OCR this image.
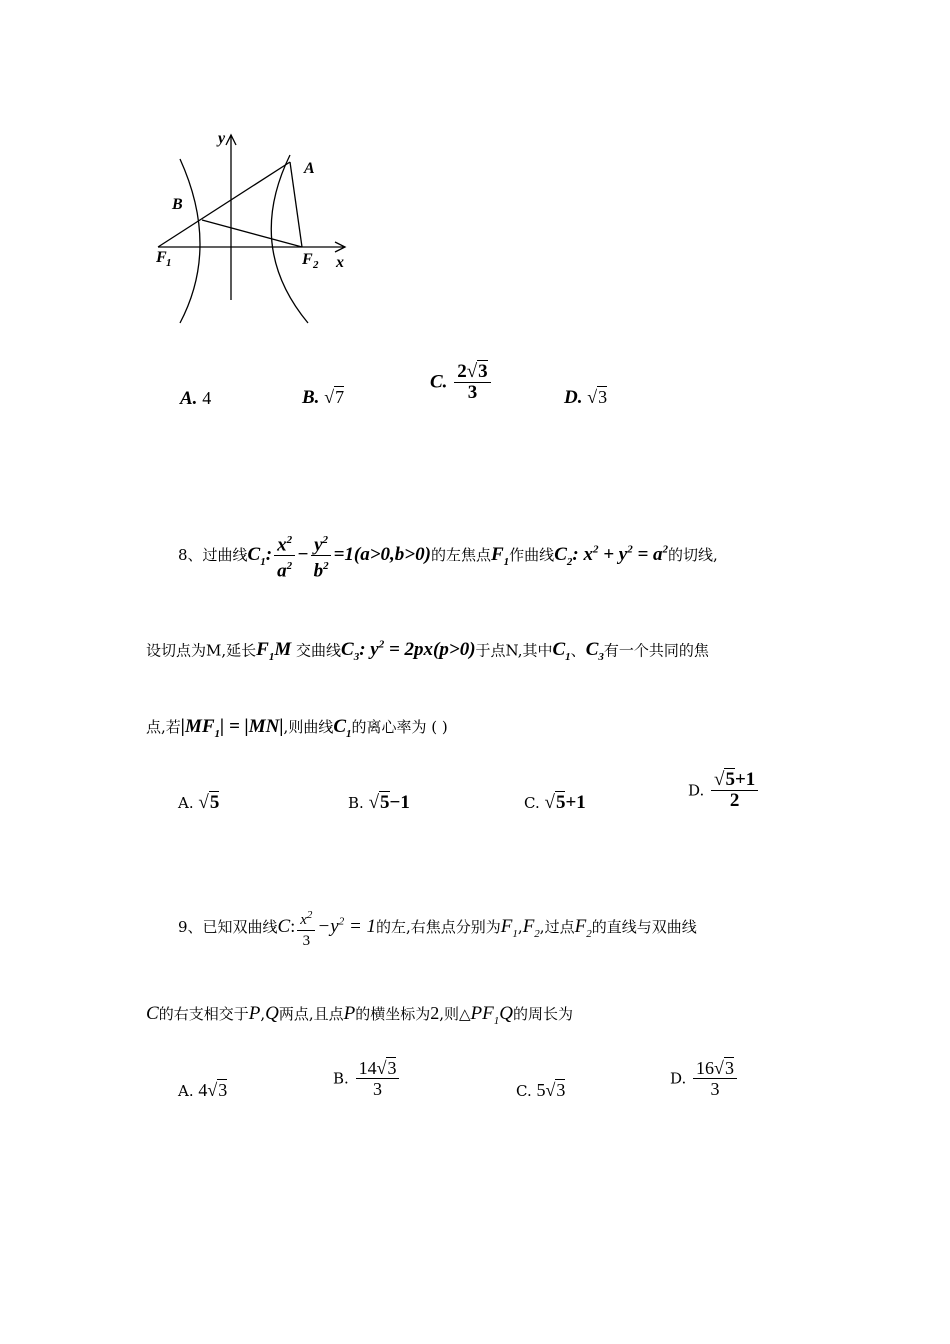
y
x
A
B
F 1	F 2
A. 4	B. √7
C. $\frac{2√3}{3}$	D. √3
8、过曲线$C_1$: $\frac{x^2}{a^2} - \frac{y^2}{b^2} =1(a>0,b>0)$的左焦点$F_1$作曲线$C_2$: $x^2 + y^2 = a^2$的切线,
设切点为M,延长$F_1M$ 交曲线$C_3$: $y^2 = 2px(p>0)$于点N,其中$C_1$、$C_3$有一个共同的焦
点,若$|MF_1| = |MN|$,则曲线$C_1$的离心率为 ( )
A. √5	B. √5−1	C. √5+1
D. $\frac{√5+1}{2}$
9、已知双曲线C: $\frac{x^2}{3} -y^2 = 1$的左,右焦点分别为$F_1,F_2$,过点$F_2$的直线与双曲线
C的右支相交于P,Q两点,且点P的横坐标为2,则$\triangle PF_1Q$的周长为
A. 4√3
B. $\frac{14√3}{3}$	C. 5√3
D. $\frac{16√3}{3}$
